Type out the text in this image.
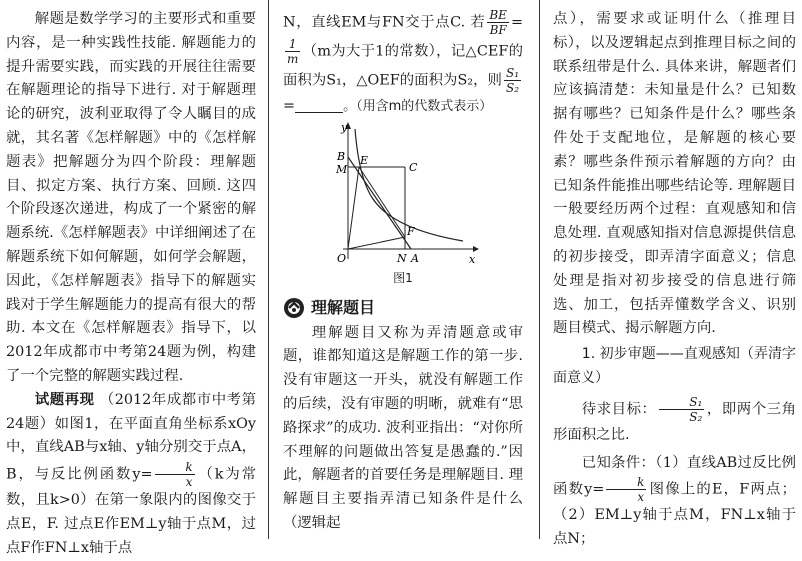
解题是数学学习的主要形式和重要内容，是一种实践性技能. 解题能力的提升需要实践，而实践的开展往往需要在解题理论的指导下进行. 对于解题理论的研究，波利亚取得了令人瞩目的成就，其名著《怎样解题》中的《怎样解题表》把解题分为四个阶段：理解题目、拟定方案、执行方案、回顾. 这四个阶段逐次递进，构成了一个紧密的解题系统.《怎样解题表》中详细阐述了在解题系统下如何解题，如何学会解题，因此，《怎样解题表》指导下的解题实践对于学生解题能力的提高有很大的帮助. 本文在《怎样解题表》指导下，以2012年成都市中考第24题为例，构建了一个完整的解题实践过程.

试题再现 （2012年成都市中考第24题）如图1，在平面直角坐标系xOy中，直线AB与x轴、y轴分别交于点A，B，与反比例函数$y= \frac{k}{x} (k$为常数，且k>0）在第一象限内的图像交于点E，F. 过点E作EM⊥y轴于点M，过点F作FN⊥x轴于点

N，直线EM与FN交于点C. 若 $\frac{BE}{BF}$ =
$\frac{1}{m} (m$为大于1的常数），记△CEF的面积为S₁，△OEF的面积为S₂，则 $\frac{\text{S₁}}{\text{S₂}}$
=	。（用含m的代数式表示）

y
x
B E
M	C
F
O	N A
图1
理解题目

理解题目又称为弄清题意或审题，谁都知道这是解题工作的第一步. 没有审题这一开头，就没有解题工作的后续，没有审题的明晰，就难有“思路探求”的成功. 波利亚指出：“对你所不理解的问题做出答复是愚蠢的.”因此，解题者的首要任务是理解题目. 理解题目主要指弄清已知条件是什么（逻辑起

点），需要求或证明什么（推理目标），以及逻辑起点到推理目标之间的联系纽带是什么. 具体来讲，解题者们应该搞清楚：未知量是什么？已知数据有哪些？已知条件是什么？哪些条件处于支配地位，是解题的核心要素？哪些条件预示着解题的方向？由已知条件能推出哪些结论等. 理解题目一般要经历两个过程：直观感知和信息处理. 直观感知指对信息源提供信息的初步接受，即弄清字面意义；信息处理是指对初步接受的信息进行筛选、加工，包括弄懂数学含义、识别题目模式、揭示解题方向.

1. 初步审题——直观感知（弄清字面意义）

待求目标： $\frac{\text{S₁}}{\text{S₂}}$ ，即两个三角形面积之比.

已知条件：（1）直线AB过反比例函数$y= \frac{k}{x}$ 图像上的E，F两点；（2）EM⊥y轴于点M，FN⊥x轴于点N；
